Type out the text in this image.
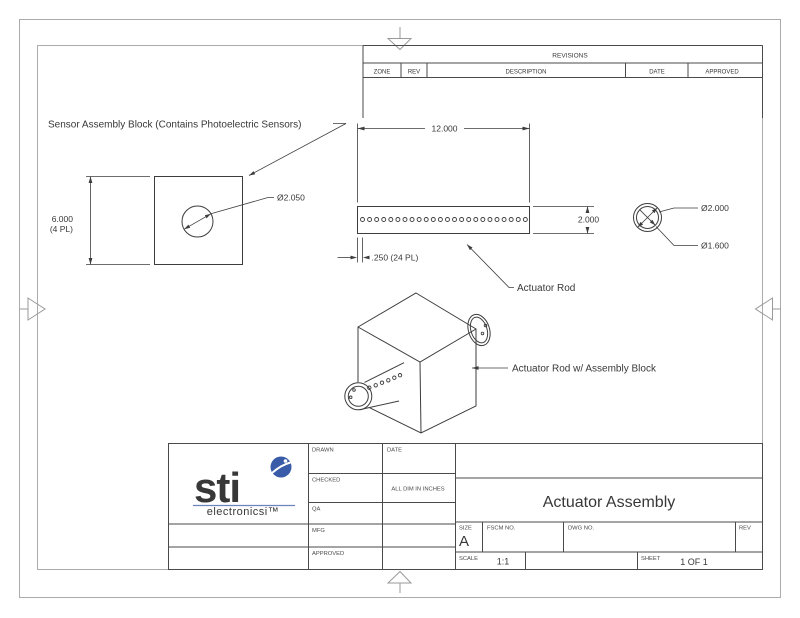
REVISIONS
ZONE	REV	DESCRIPTION	DATE	APPROVED
6.000
(4 PL)
Ø2.050
Sensor Assembly Block (Contains Photoelectric Sensors)	12.000
2.000
.250 (24 PL)
Actuator Rod
Ø2.000
Ø1.600
Actuator Rod w/ Assembly Block
sti
electronicsi™
DRAWN
CHECKED
QA
MFG
APPROVED
DATE
ALL DIM IN INCHES
Actuator Assembly
SIZE
A
FSCM NO.	DWG NO.	REV
SCALE 1:1	SHEET 1 OF 1
